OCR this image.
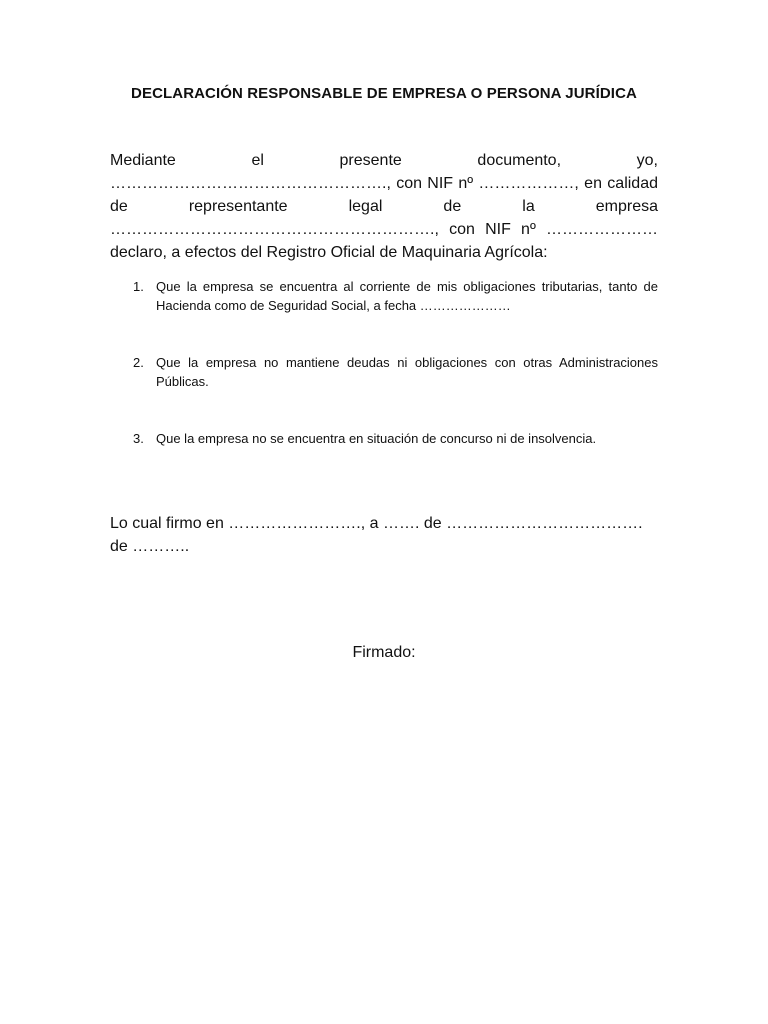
DECLARACIÓN RESPONSABLE DE EMPRESA O PERSONA JURÍDICA

Mediante el presente documento, yo, ……………………………………………., con NIF nº ………………, en calidad de representante legal de la empresa ……………………………………………………., con NIF nº ………………… declaro, a efectos del Registro Oficial de Maquinaria Agrícola:

1. Que la empresa se encuentra al corriente de mis obligaciones tributarias, tanto de Hacienda como de Seguridad Social, a fecha …………………
2. Que la empresa no mantiene deudas ni obligaciones con otras Administraciones Públicas.
3. Que la empresa no se encuentra en situación de concurso ni de insolvencia.
Lo cual firmo en ……………………., a ……. de ………………………………. de ………..
Firmado:
